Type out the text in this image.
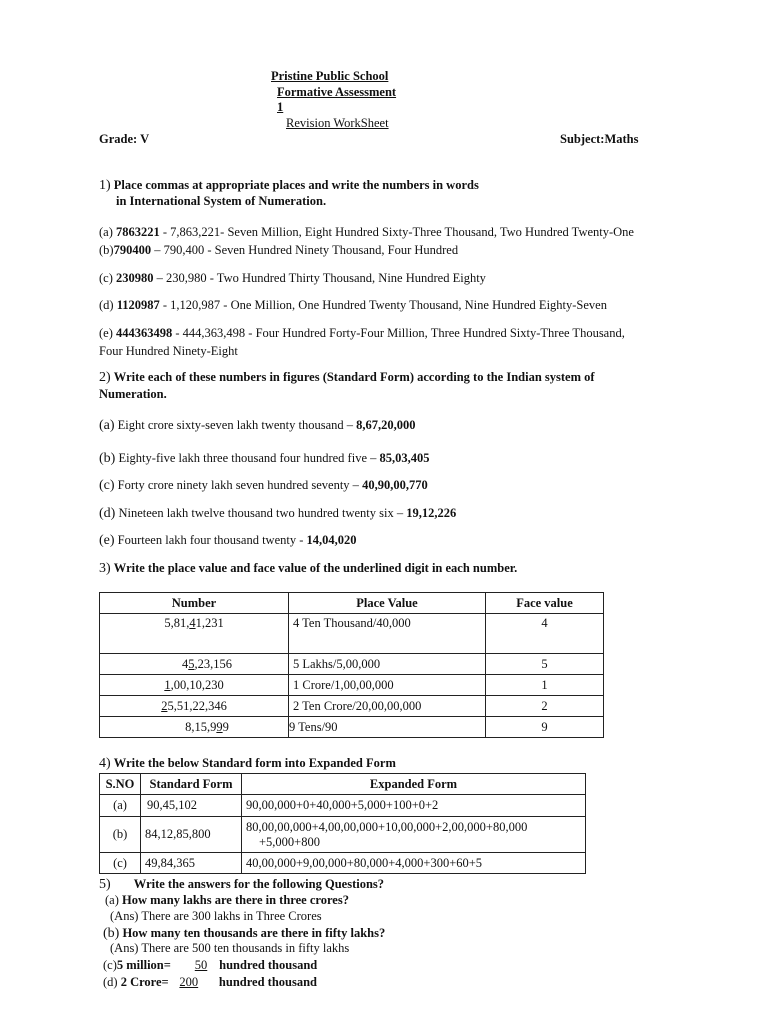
Pristine Public School
Formative Assessment
1
Revision WorkSheet
Grade: V	Subject:Maths
1) Place commas at appropriate places and write the numbers in words
in International System of Numeration.
(a) 7863221 - 7,863,221- Seven Million, Eight Hundred Sixty-Three Thousand, Two Hundred Twenty-One
(b)790400 – 790,400 - Seven Hundred Ninety Thousand, Four Hundred
(c) 230980 – 230,980 - Two Hundred Thirty Thousand, Nine Hundred Eighty
(d) 1120987 - 1,120,987 - One Million, One Hundred Twenty Thousand, Nine Hundred Eighty-Seven
(e) 444363498 - 444,363,498 - Four Hundred Forty-Four Million, Three Hundred Sixty-Three Thousand,
Four Hundred Ninety-Eight
2) Write each of these numbers in figures (Standard Form) according to the Indian system of
Numeration.
(a) Eight crore sixty-seven lakh twenty thousand – 8,67,20,000
(b) Eighty-five lakh three thousand four hundred five – 85,03,405
(c) Forty crore ninety lakh seven hundred seventy – 40,90,00,770
(d) Nineteen lakh twelve thousand two hundred twenty six – 19,12,226
(e) Fourteen lakh four thousand twenty - 14,04,020
3) Write the place value and face value of the underlined digit in each number.
Number	Place Value	Face value
5,81,41,231	4 Ten Thousand/40,000	4
45,23,156	5 Lakhs/5,00,000	5
1,00,10,230	1 Crore/1,00,00,000	1
25,51,22,346	2 Ten Crore/20,00,00,000	2
8,15,999	9 Tens/90	9
4) Write the below Standard form into Expanded Form
S.NO	Standard Form	Expanded Form
(a)	90,45,102	90,00,000+0+40,000+5,000+100+0+2
(b)	84,12,85,800	80,00,00,000+4,00,00,000+10,00,000+2,00,000+80,000
+5,000+800
(c)	49,84,365	40,00,000+9,00,000+80,000+4,000+300+60+5
5) Write the answers for the following Questions?
(a) How many lakhs are there in three crores?
(Ans) There are 300 lakhs in Three Crores
(b) How many ten thousands are there in fifty lakhs?
(Ans) There are 500 ten thousands in fifty lakhs
(c)5 million= 50 hundred thousand
(d) 2 Crore= 200 hundred thousand
